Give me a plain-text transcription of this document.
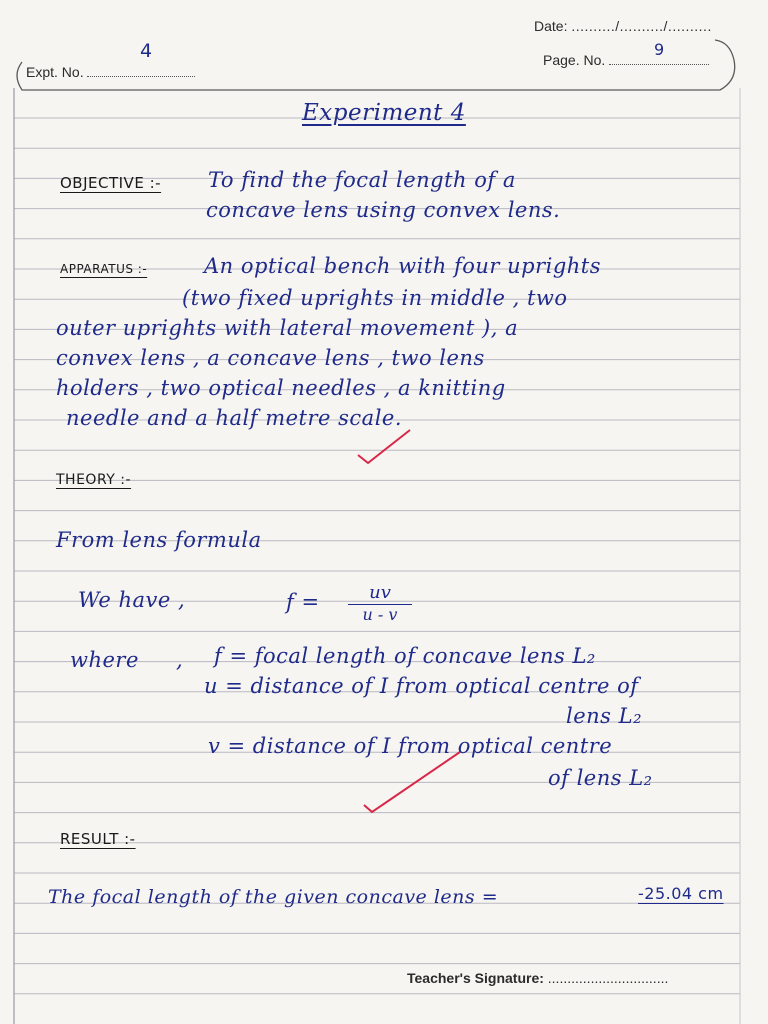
Date: ........../........../..........
Expt. No.
4	Page. No.
9
Experiment 4
OBJECTIVE :- To find the focal length of a
concave lens using convex lens.
APPARATUS :-	An optical bench with four uprights
(two fixed uprights in middle , two
outer uprights with lateral movement ), a
convex lens , a concave lens , two lens
holders , two optical needles , a knitting
needle and a half metre scale.
THEORY :-
From lens formula
We have ,	$f = \frac{uv}{u - v}$
where , f = focal length of concave lens L₂
u = distance of I from optical centre of
lens L₂
v = distance of I from optical centre
of lens L₂
RESULT :-
The focal length of the given concave lens =	-25.04 cm
Teacher's Signature: ...............................
